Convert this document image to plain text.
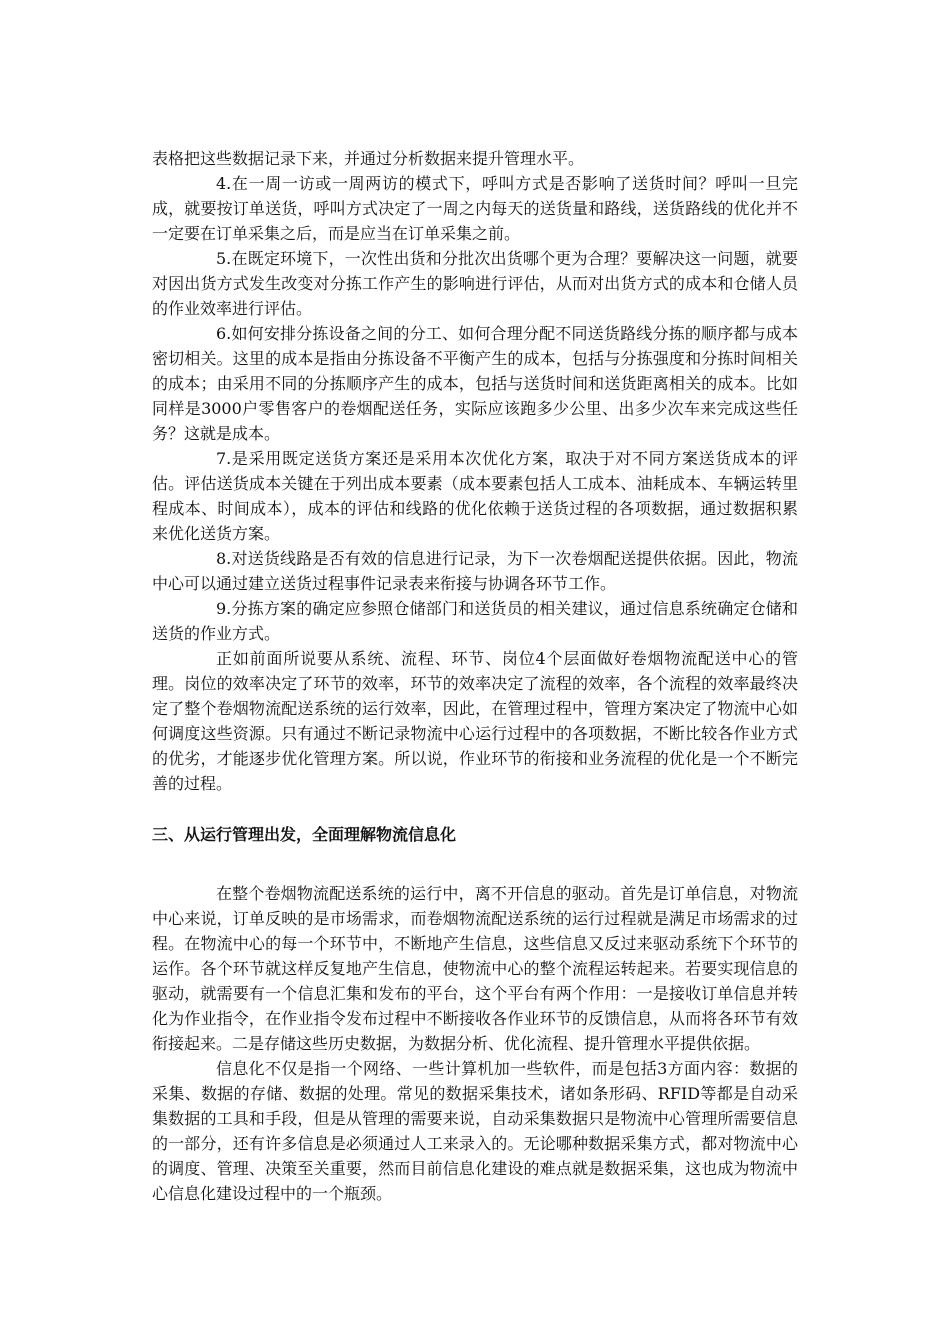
表格把这些数据记录下来，并通过分析数据来提升管理水平。

4.在一周一访或一周两访的模式下，呼叫方式是否影响了送货时间？呼叫一旦完成，就要按订单送货，呼叫方式决定了一周之内每天的送货量和路线，送货路线的优化并不一定要在订单采集之后，而是应当在订单采集之前。

5.在既定环境下，一次性出货和分批次出货哪个更为合理？要解决这一问题，就要对因出货方式发生改变对分拣工作产生的影响进行评估，从而对出货方式的成本和仓储人员的作业效率进行评估。

6.如何安排分拣设备之间的分工、如何合理分配不同送货路线分拣的顺序都与成本密切相关。这里的成本是指由分拣设备不平衡产生的成本，包括与分拣强度和分拣时间相关的成本；由采用不同的分拣顺序产生的成本，包括与送货时间和送货距离相关的成本。比如同样是3000户零售客户的卷烟配送任务，实际应该跑多少公里、出多少次车来完成这些任务？这就是成本。

7.是采用既定送货方案还是采用本次优化方案，取决于对不同方案送货成本的评估。评估送货成本关键在于列出成本要素（成本要素包括人工成本、油耗成本、车辆运转里程成本、时间成本），成本的评估和线路的优化依赖于送货过程的各项数据，通过数据积累来优化送货方案。

8.对送货线路是否有效的信息进行记录，为下一次卷烟配送提供依据。因此，物流中心可以通过建立送货过程事件记录表来衔接与协调各环节工作。

9.分拣方案的确定应参照仓储部门和送货员的相关建议，通过信息系统确定仓储和送货的作业方式。

正如前面所说要从系统、流程、环节、岗位4个层面做好卷烟物流配送中心的管理。岗位的效率决定了环节的效率，环节的效率决定了流程的效率，各个流程的效率最终决定了整个卷烟物流配送系统的运行效率，因此，在管理过程中，管理方案决定了物流中心如何调度这些资源。只有通过不断记录物流中心运行过程中的各项数据，不断比较各作业方式的优劣，才能逐步优化管理方案。所以说，作业环节的衔接和业务流程的优化是一个不断完善的过程。

三、从运行管理出发，全面理解物流信息化

在整个卷烟物流配送系统的运行中，离不开信息的驱动。首先是订单信息，对物流中心来说，订单反映的是市场需求，而卷烟物流配送系统的运行过程就是满足市场需求的过程。在物流中心的每一个环节中，不断地产生信息，这些信息又反过来驱动系统下个环节的运作。各个环节就这样反复地产生信息，使物流中心的整个流程运转起来。若要实现信息的驱动，就需要有一个信息汇集和发布的平台，这个平台有两个作用：一是接收订单信息并转化为作业指令，在作业指令发布过程中不断接收各作业环节的反馈信息，从而将各环节有效衔接起来。二是存储这些历史数据，为数据分析、优化流程、提升管理水平提供依据。

信息化不仅是指一个网络、一些计算机加一些软件，而是包括3方面内容：数据的采集、数据的存储、数据的处理。常见的数据采集技术，诸如条形码、RFID等都是自动采集数据的工具和手段，但是从管理的需要来说，自动采集数据只是物流中心管理所需要信息的一部分，还有许多信息是必须通过人工来录入的。无论哪种数据采集方式，都对物流中心的调度、管理、决策至关重要，然而目前信息化建设的难点就是数据采集，这也成为物流中心信息化建设过程中的一个瓶颈。
